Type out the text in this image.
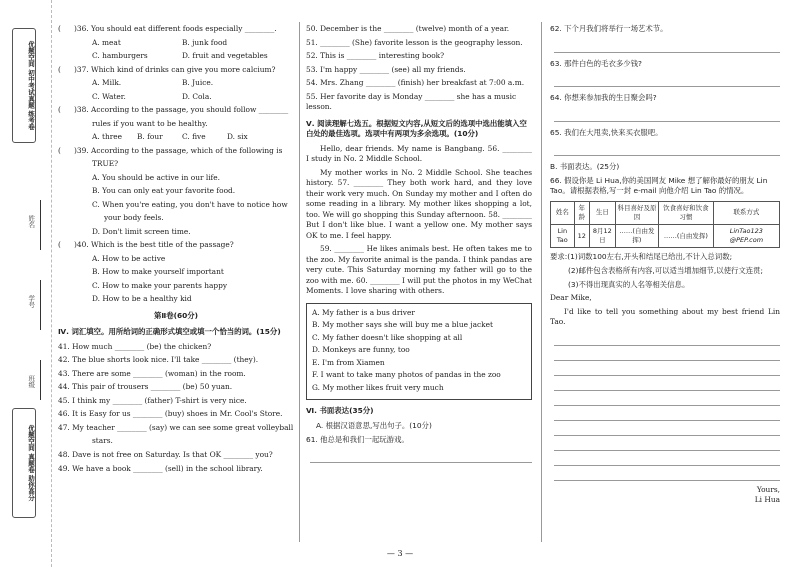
优题空间 初中考试真题 练考卷
姓名
学号
班级
优题空间 真题卷 助你高分
( )36. You should eat different foods especially ________.
A. meat	B. junk food
C. hamburgers	D. fruit and vegetables
( )37. Which kind of drinks can give you more calcium?
A. Milk.	B. Juice.
C. Water.	D. Cola.
( )38. According to the passage, you should follow ________
rules if you want to be healthy.
A. three	B. four	C. five	D. six
( )39. According to the passage, which of the following is
TRUE?
A. You should be active in our life.
B. You can only eat your favorite food.
C. When you're eating, you don't have to notice how
your body feels.
D. Don't limit screen time.
( )40. Which is the best title of the passage?
A. How to be active
B. How to make yourself important
C. How to make your parents happy
D. How to be a healthy kid
第Ⅱ卷(60分)
Ⅳ. 词汇填空。用所给词的正确形式填空或填一个恰当的词。(15分)
41. How much ________ (be) the chicken?
42. The blue shorts look nice. I'll take ________ (they).
43. There are some ________ (woman) in the room.
44. This pair of trousers ________ (be) 50 yuan.
45. I think my ________ (father) T-shirt is very nice.
46. It is Easy for us ________ (buy) shoes in Mr. Cool's Store.
47. My teacher ________ (say) we can see some great volleyball
stars.
48. Dave is not free on Saturday. Is that OK ________ you?
49. We have a book ________ (sell) in the school library.
50. December is the ________ (twelve) month of a year.
51. ________ (She) favorite lesson is the geography lesson.
52. This is ________ interesting book?
53. I'm happy ________ (see) all my friends.
54. Mrs. Zhang ________ (finish) her breakfast at 7:00 a.m.
55. Her favorite day is Monday ________ she has a music lesson.
Ⅴ. 阅读理解七选五。根据短文内容,从短文后的选项中选出能填入空白处的最佳选项。选项中有两项为多余选项。(10分)
Hello, dear friends. My name is Bangbang. 56. ________ I study in No. 2 Middle School.
My mother works in No. 2 Middle School. She teaches history. 57. ________ They both work hard, and they love their work very much. On Sunday my mother and I often do some reading in a library. My mother likes shopping a lot, too. We will go shopping this Sunday afternoon. 58. ________ But I don't like blue. I want a yellow one. My mother says OK to me. I feel happy.
59. ________ He likes animals best. He often takes me to the zoo. My favorite animal is the panda. I think pandas are very cute. This Saturday morning my father will go to the zoo with me. 60. ________ I will put the photos in my WeChat Moments. I love sharing with others.
A. My father is a bus driver
B. My mother says she will buy me a blue jacket
C. My father doesn't like shopping at all
D. Monkeys are funny, too
E. I'm from Xiamen
F. I want to take many photos of pandas in the zoo
G. My mother likes fruit very much
Ⅵ. 书面表达(35分)
A. 根据汉语意思,写出句子。(10分)
61. 他总是和我们一起玩游戏。
62. 下个月我们将举行一场艺术节。
63. 那件白色的毛衣多少钱?
64. 你想来参加我的生日聚会吗?
65. 我们在大甩卖,快来买衣服吧。
B. 书面表达。(25分)
66. 假设你是 Li Hua,你的美国网友 Mike 想了解你最好的朋友 Lin Tao。请根据表格,写一封 e-mail 向他介绍 Lin Tao 的情况。
姓名	年龄	生日	科目喜好及原因	饮食喜好和饮食习惯	联系方式
Lin Tao	12	8月12日	……(自由发挥)	……(自由发挥)	LinTao123 @PEP.com
要求:(1)词数100左右,开头和结尾已给出,不计入总词数;
(2)邮件包含表格所有内容,可以适当增加细节,以使行文连贯;
(3)不得出现真实的人名等相关信息。
Dear Mike,
I'd like to tell you something about my best friend Lin Tao.
Yours,
Li Hua
— 3 —
